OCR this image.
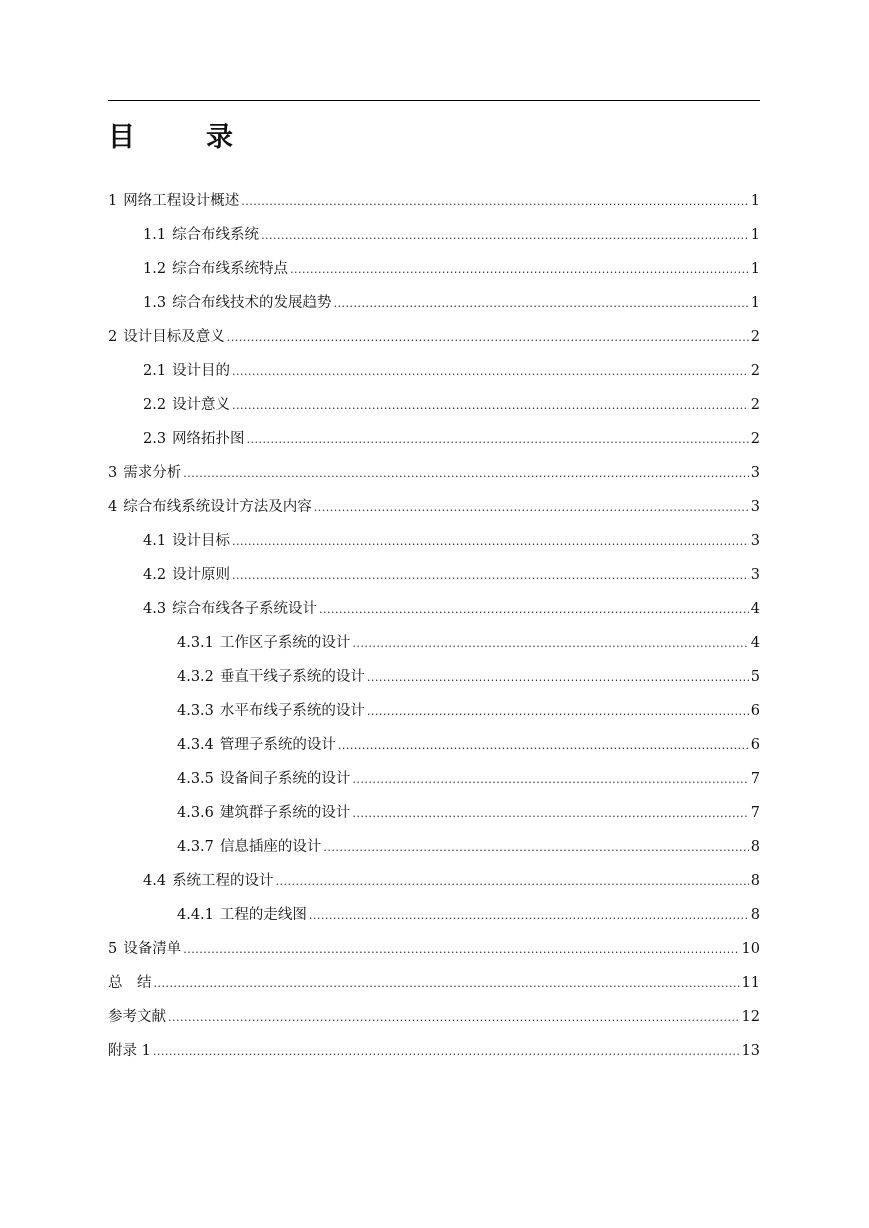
目　录
1 网络工程设计概述 .....	1
1.1 综合布线系统 .....	1
1.2 综合布线系统特点 .....	1
1.3 综合布线技术的发展趋势 .....	1
2 设计目标及意义 .....	2
2.1 设计目的 .....	2
2.2 设计意义 .....	2
2.3 网络拓扑图 .....	2
3 需求分析 .....	3
4 综合布线系统设计方法及内容 .....	3
4.1 设计目标 .....	3
4.2 设计原则 .....	3
4.3 综合布线各子系统设计 .....	4
4.3.1 工作区子系统的设计 .....	4
4.3.2 垂直干线子系统的设计 .....	5
4.3.3 水平布线子系统的设计 .....	6
4.3.4 管理子系统的设计 .....	6
4.3.5 设备间子系统的设计 .....	7
4.3.6 建筑群子系统的设计 .....	7
4.3.7 信息插座的设计 .....	8
4.4 系统工程的设计 .....	8
4.4.1 工程的走线图 .....	8
5 设备清单 .....	10
总　结 .....	11
参考文献 .....	12
附录 1 .....	13
